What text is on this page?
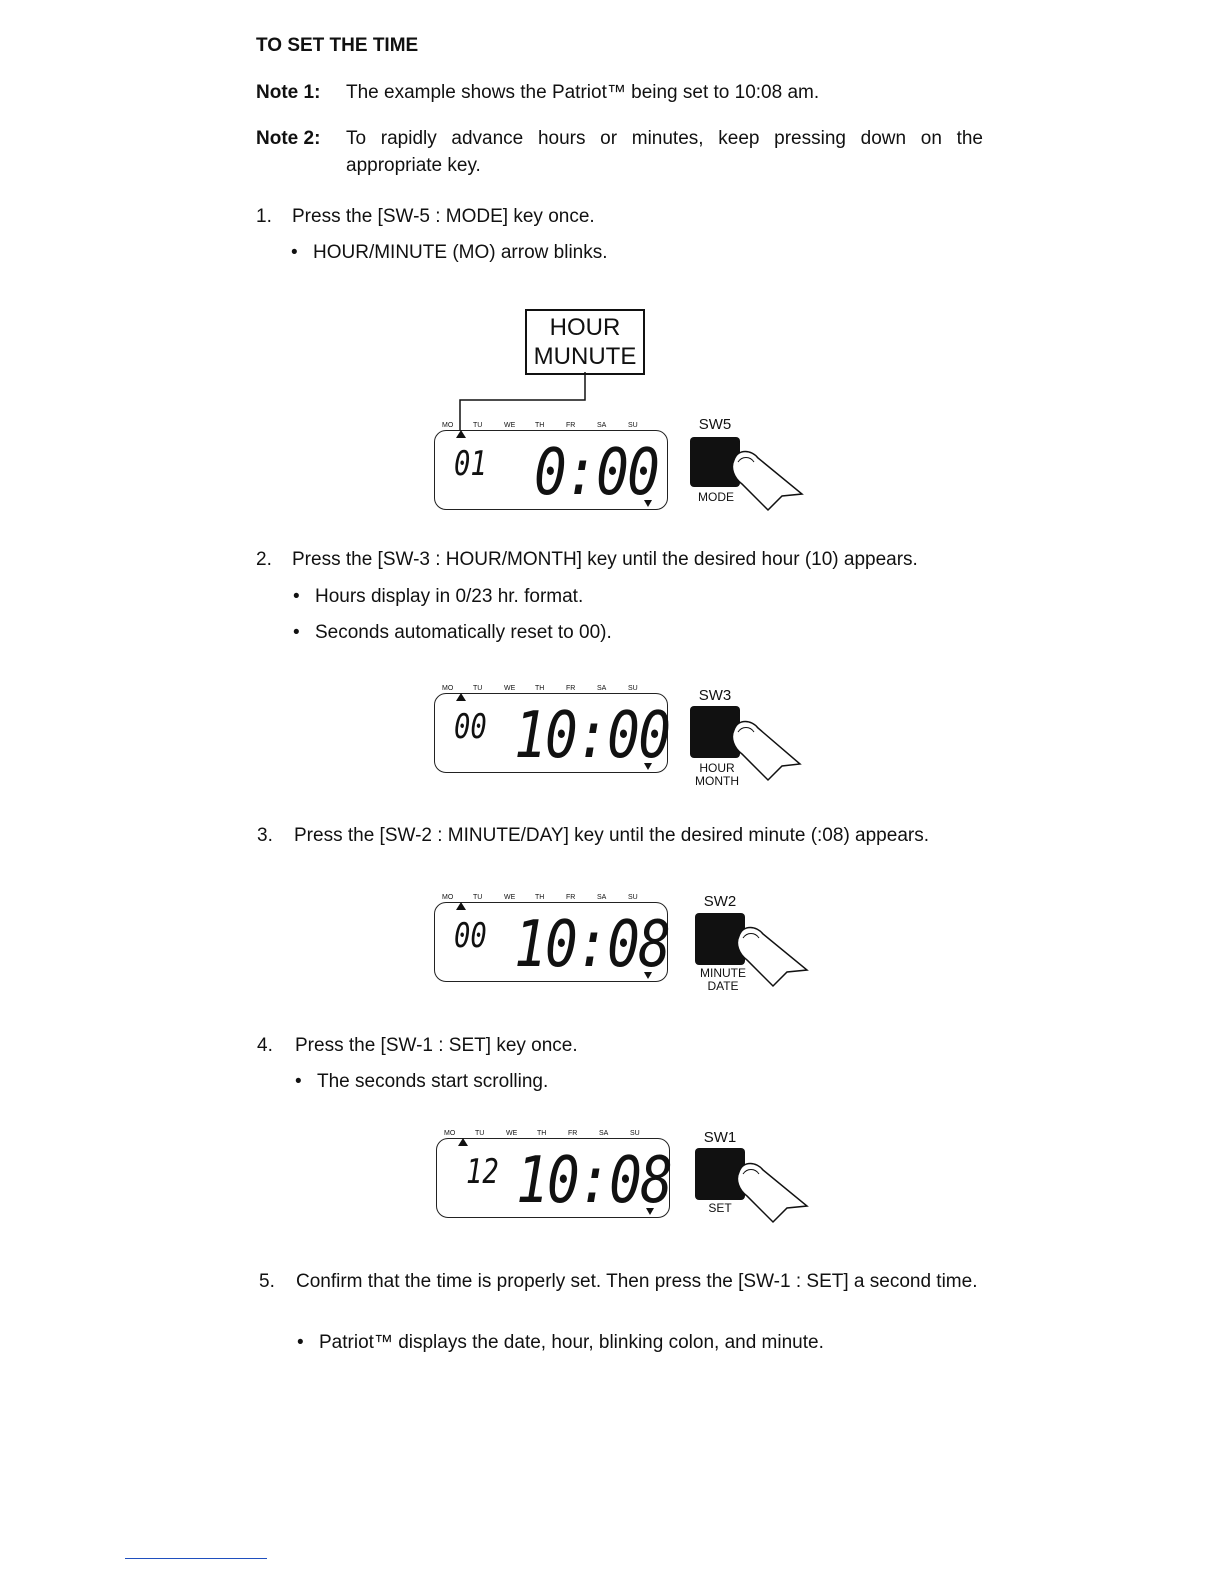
TO SET THE TIME
Note 1: The example shows the Patriot™ being set to 10:08 am.
Note 2: To rapidly advance hours or minutes, keep pressing down on the appropriate key.
1. Press the [SW-5 : MODE] key once.
• HOUR/MINUTE (MO) arrow blinks.
HOUR
MUNUTE
MO	TU	WE	TH	FR	SA	SU
01 0:00
SW5
MODE
2. Press the [SW-3 : HOUR/MONTH] key until the desired hour (10) appears.
• Hours display in 0/23 hr. format.
• Seconds automatically reset to 00).
MO	TU	WE	TH	FR	SA	SU
00 10:00
SW3
HOUR
MONTH
3. Press the [SW-2 : MINUTE/DAY] key until the desired minute (:08) appears.
MO	TU	WE	TH	FR	SA	SU
00 10:08
SW2
MINUTE
DATE
4. Press the [SW-1 : SET] key once.
• The seconds start scrolling.
MO	TU	WE	TH	FR	SA	SU
12 10:08
SW1
SET
5. Confirm that the time is properly set. Then press the [SW-1 : SET] a second time.
• Patriot™ displays the date, hour, blinking colon, and minute.
